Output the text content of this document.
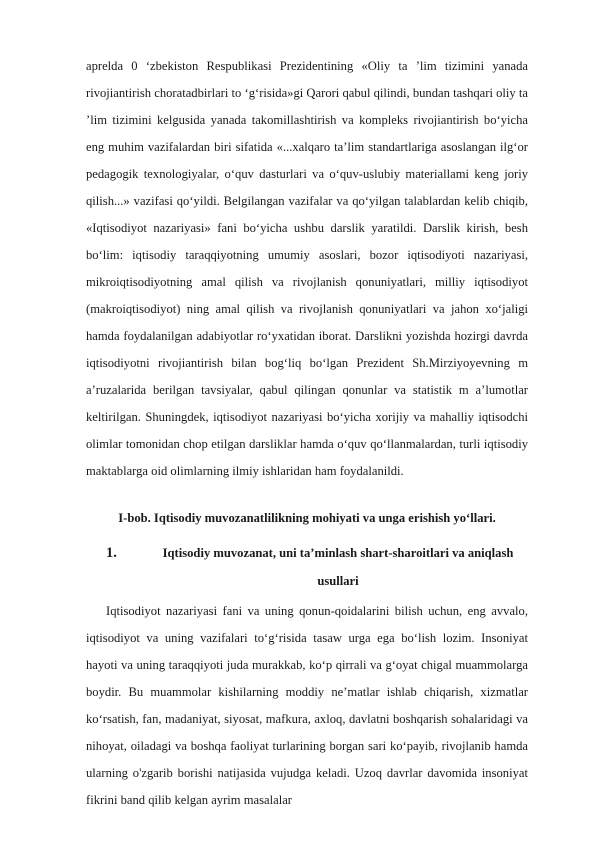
aprelda 0 ‘zbekiston Respublikasi Prezidentining «Oliy ta ’lim tizimini yanada rivojiantirish choratadbirlari to ‘g‘risida»gi Qarori qabul qilindi, bundan tashqari oliy ta ’lim tizimini kelgusida yanada takomillashtirish va kompleks rivojiantirish bo‘yicha eng muhim vazifalardan biri sifatida «...xalqaro ta’lim standartlariga asoslangan ilg‘or pedagogik texnologiyalar, o‘quv dasturlari va o‘quv-uslubiy materiallami keng joriy qilish...» vazifasi qo‘yildi. Belgilangan vazifalar va qo‘yilgan talablardan kelib chiqib, «Iqtisodiyot nazariyasi» fani bo‘yicha ushbu darslik yaratildi. Darslik kirish, besh bo‘lim: iqtisodiy taraqqiyotning umumiy asoslari, bozor iqtisodiyoti nazariyasi, mikroiqtisodiyotning amal qilish va rivojlanish qonuniyatlari, milliy iqtisodiyot (makroiqtisodiyot) ning amal qilish va rivojlanish qonuniyatlari va jahon xo‘jaligi hamda foydalanilgan adabiyotlar ro‘yxatidan iborat. Darslikni yozishda hozirgi davrda iqtisodiyotni rivojiantirish bilan bog‘liq bo‘lgan Prezident Sh.Mirziyoyevning m a’ruzalarida berilgan tavsiyalar, qabul qilingan qonunlar va statistik m a’lumotlar keltirilgan. Shuningdek, iqtisodiyot nazariyasi bo‘yicha xorijiy va mahalliy iqtisodchi olimlar tomonidan chop etilgan darsliklar hamda o‘quv qo‘llanmalardan, turli iqtisodiy maktablarga oid olimlarning ilmiy ishlaridan ham foydalanildi.

I-bob. Iqtisodiy muvozanatlilikning mohiyati va unga erishish yo‘llari.
1.	Iqtisodiy muvozanat, uni ta’minlash shart-sharoitlari va aniqlash usullari

Iqtisodiyot nazariyasi fani va uning qonun-qoidalarini bilish uchun, eng avvalo, iqtisodiyot va uning vazifalari to‘g‘risida tasaw urga ega bo‘lish lozim. Insoniyat hayoti va uning taraqqiyoti juda murakkab, ko‘p qirrali va g‘oyat chigal muammolarga boydir. Bu muammolar kishilarning moddiy ne’matlar ishlab chiqarish, xizmatlar ko‘rsatish, fan, madaniyat, siyosat, mafkura, axloq, davlatni boshqarish sohalaridagi va nihoyat, oiladagi va boshqa faoliyat turlarining borgan sari ko‘payib, rivojlanib hamda ularning o'zgarib borishi natijasida vujudga keladi. Uzoq davrlar davomida insoniyat fikrini band qilib kelgan ayrim masalalar
